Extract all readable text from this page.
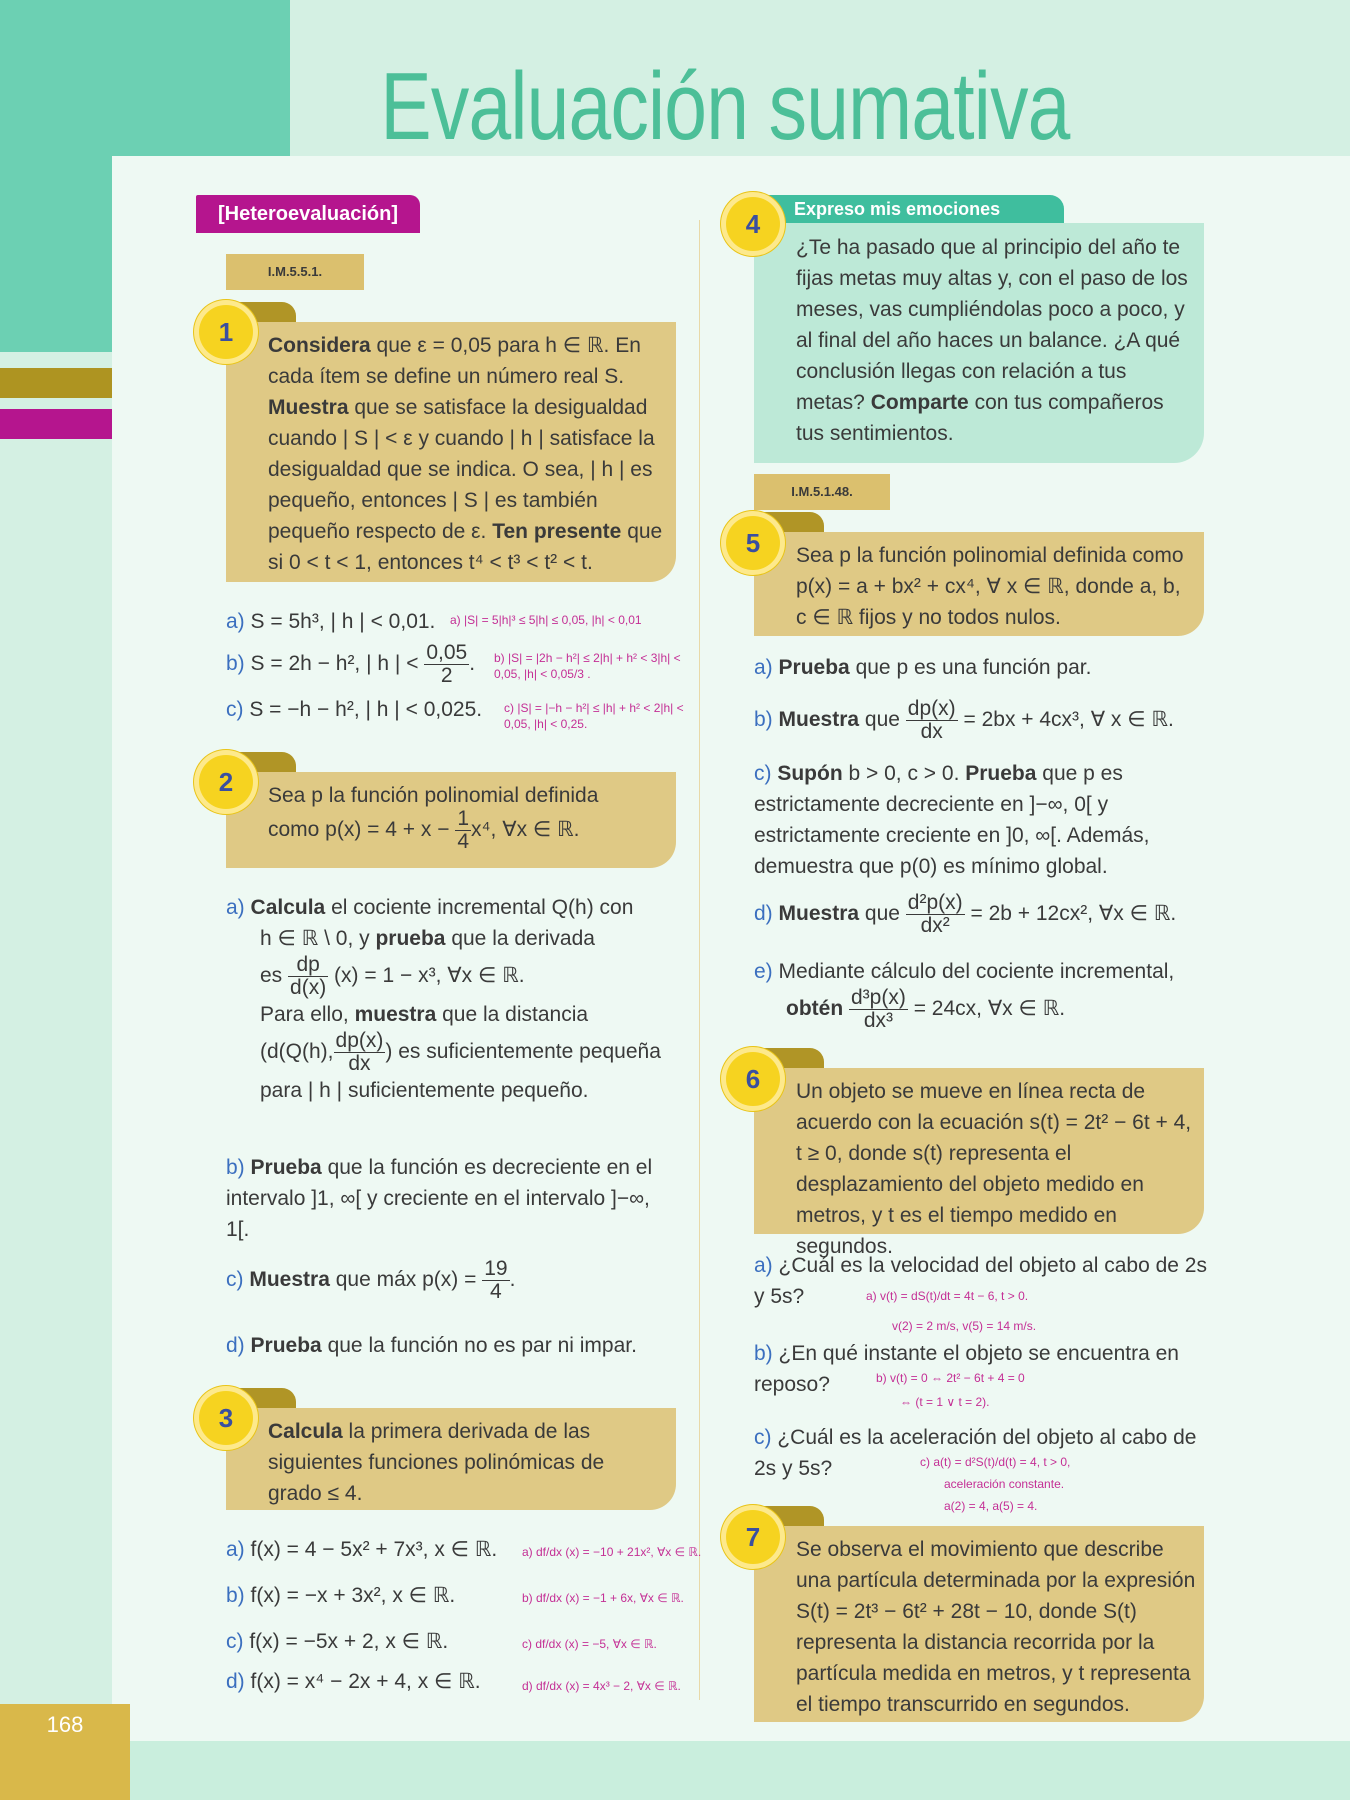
168
Evaluación sumativa
[Heteroevaluación]
I.M.5.5.1.
1	Considera que ε = 0,05 para h ∈ ℝ. En cada ítem se define un número real S. Muestra que se satisface la desigualdad cuando | S | < ε y cuando | h | satisface la desigualdad que se indica. O sea, | h | es pequeño, entonces | S | es también pequeño respecto de ε. Ten presente que si 0 < t < 1, entonces t⁴ < t³ < t² < t.
a) S = 5h³, | h | < 0,01. a) |S| = 5|h|³ ≤ 5|h| ≤ 0,05, |h| < 0,01
b) S = 2h − h², | h | < $\frac{0,05}{2}$ . b) |S| = |2h − h²| ≤ 2|h| + h² < 3|h| < 0,05, |h| < 0,05/3 .
c) S = −h − h², | h | < 0,025. c) |S| = |−h − h²| ≤ |h| + h² < 2|h| < 0,05, |h| < 0,25.
2	Sea p la función polinomial definida
como $p(x) = 4 + x - \frac{1}{4} x^4$, ∀x ∈ ℝ.
a) Calcula el cociente incremental Q(h) con
h ∈ ℝ \ 0, y prueba que la derivada
es $\frac{dp}{d(x)} (x) = 1 - x^3$, ∀x ∈ ℝ.
Para ello, muestra que la distancia
(d(Q(h), $\frac{dp(x)}{dx}$ ) es suficientemente pequeña
para | h | suficientemente pequeño.
b) Prueba que la función es decreciente en el intervalo ]1, ∞[ y creciente en el intervalo ]−∞, 1[.
c) Muestra que máx $p(x) = \frac{19}{4}$ .
d) Prueba que la función no es par ni impar.
3	Calcula la primera derivada de las siguientes funciones polinómicas de grado ≤ 4.
a) f(x) = 4 − 5x² + 7x³, x ∈ ℝ. a) df/dx (x) = −10 + 21x², ∀x ∈ ℝ.
b) f(x) = −x + 3x², x ∈ ℝ.	b) df/dx (x) = −1 + 6x, ∀x ∈ ℝ.
c) f(x) = −5x + 2, x ∈ ℝ.	c) df/dx (x) = −5, ∀x ∈ ℝ.
d) f(x) = x⁴ − 2x + 4, x ∈ ℝ.	d) df/dx (x) = 4x³ − 2, ∀x ∈ ℝ.
Expreso mis emociones
4
¿Te ha pasado que al principio del año te fijas metas muy altas y, con el paso de los meses, vas cumpliéndolas poco a poco, y al final del año haces un balance. ¿A qué conclusión llegas con relación a tus metas? Comparte con tus compañeros tus sentimientos.
I.M.5.1.48.
5	Sea p la función polinomial definida como p(x) = a + bx² + cx⁴, ∀ x ∈ ℝ, donde a, b, c ∈ ℝ fijos y no todos nulos.
a) Prueba que p es una función par.
b) Muestra que $\frac{dp(x)}{dx} = 2bx + 4cx^3$, ∀ x ∈ ℝ.
c) Supón b > 0, c > 0. Prueba que p es estrictamente decreciente en ]−∞, 0[ y estrictamente creciente en ]0, ∞[. Además, demuestra que p(0) es mínimo global.
d) Muestra que $\frac{\text{d²p(x)}}{\text{dx²}} = 2b + 12cx^2$, ∀x ∈ ℝ.
e) Mediante cálculo del cociente incremental,
obtén $\frac{\text{d³p(x)}}{\text{dx³}} = 24cx$, ∀x ∈ ℝ.
6	Un objeto se mueve en línea recta de acuerdo con la ecuación s(t) = 2t² − 6t + 4, t ≥ 0, donde s(t) representa el desplazamiento del objeto medido en metros, y t es el tiempo medido en segundos.
a) ¿Cuál es la velocidad del objeto al cabo de 2s y 5s?	a) v(t) = dS(t)/dt = 4t − 6, t > 0.
v(2) = 2 m/s, v(5) = 14 m/s.
b) ¿En qué instante el objeto se encuentra en reposo?	b) v(t) = 0 ⇔ 2t² − 6t + 4 = 0
⇔ (t = 1 ∨ t = 2).
c) ¿Cuál es la aceleración del objeto al cabo de 2s y 5s?	c) a(t) = d²S(t)/d(t) = 4, t > 0,
aceleración constante.
a(2) = 4, a(5) = 4.
7	Se observa el movimiento que describe una partícula determinada por la expresión S(t) = 2t³ − 6t² + 28t − 10, donde S(t) representa la distancia recorrida por la partícula medida en metros, y t representa el tiempo transcurrido en segundos.
